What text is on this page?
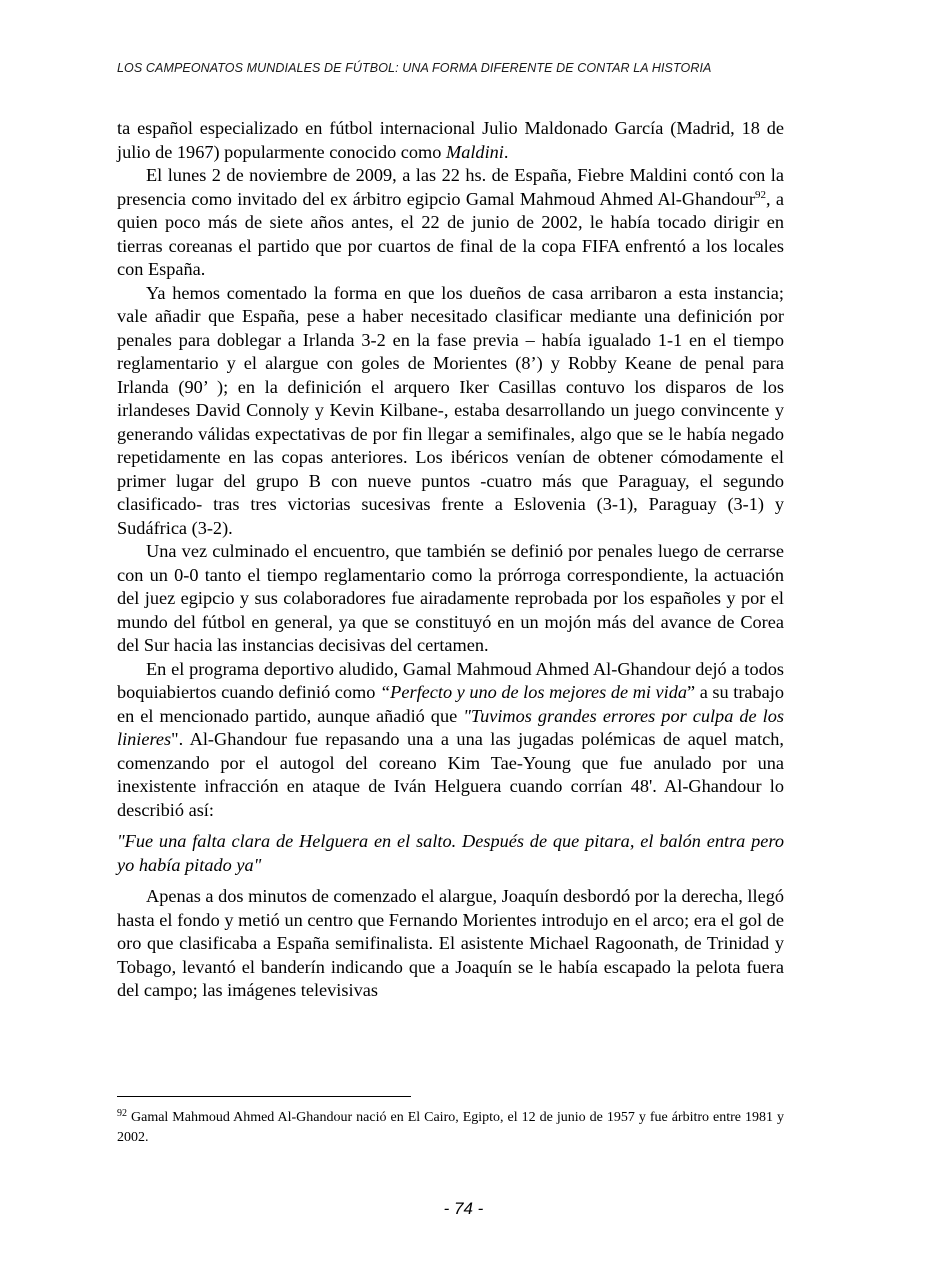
LOS CAMPEONATOS MUNDIALES DE FÚTBOL: UNA FORMA DIFERENTE DE CONTAR LA HISTORIA

ta español especializado en fútbol internacional Julio Maldonado García (Madrid, 18 de julio de 1967) popularmente conocido como Maldini.

El lunes 2 de noviembre de 2009, a las 22 hs. de España, Fiebre Maldini contó con la presencia como invitado del ex árbitro egipcio Gamal Mahmoud Ahmed Al-Ghandour$^{92}$, a quien poco más de siete años antes, el 22 de junio de 2002, le había tocado dirigir en tierras coreanas el partido que por cuartos de final de la copa FIFA enfrentó a los locales con España.

Ya hemos comentado la forma en que los dueños de casa arribaron a esta instancia; vale añadir que España, pese a haber necesitado clasificar mediante una definición por penales para doblegar a Irlanda 3-2 en la fase previa – había igualado 1-1 en el tiempo reglamentario y el alargue con goles de Morientes (8’) y Robby Keane de penal para Irlanda (90’ ); en la definición el arquero Iker Casillas contuvo los disparos de los irlandeses David Connoly y Kevin Kilbane-, estaba desarrollando un juego convincente y generando válidas expectativas de por fin llegar a semifinales, algo que se le había negado repetidamente en las copas anteriores. Los ibéricos venían de obtener cómodamente el primer lugar del grupo B con nueve puntos -cuatro más que Paraguay, el segundo clasificado- tras tres victorias sucesivas frente a Eslovenia (3-1), Paraguay (3-1) y Sudáfrica (3-2).

Una vez culminado el encuentro, que también se definió por penales luego de cerrarse con un 0-0 tanto el tiempo reglamentario como la prórroga correspondiente, la actuación del juez egipcio y sus colaboradores fue airadamente reprobada por los españoles y por el mundo del fútbol en general, ya que se constituyó en un mojón más del avance de Corea del Sur hacia las instancias decisivas del certamen.

En el programa deportivo aludido, Gamal Mahmoud Ahmed Al-Ghandour dejó a todos boquiabiertos cuando definió como “Perfecto y uno de los mejores de mi vida” a su trabajo en el mencionado partido, aunque añadió que "Tuvimos grandes errores por culpa de los linieres". Al-Ghandour fue repasando una a una las jugadas polémicas de aquel match, comenzando por el autogol del coreano Kim Tae-Young que fue anulado por una inexistente infracción en ataque de Iván Helguera cuando corrían 48'. Al-Ghandour lo describió así:

"Fue una falta clara de Helguera en el salto. Después de que pitara, el balón entra pero yo había pitado ya"

Apenas a dos minutos de comenzado el alargue, Joaquín desbordó por la derecha, llegó hasta el fondo y metió un centro que Fernando Morientes introdujo en el arco; era el gol de oro que clasificaba a España semifinalista. El asistente Michael Ragoonath, de Trinidad y Tobago, levantó el banderín indicando que a Joaquín se le había escapado la pelota fuera del campo; las imágenes televisivas

$^{92}$ Gamal Mahmoud Ahmed Al-Ghandour nació en El Cairo, Egipto, el 12 de junio de 1957 y fue árbitro entre 1981 y 2002.
- 74 -
